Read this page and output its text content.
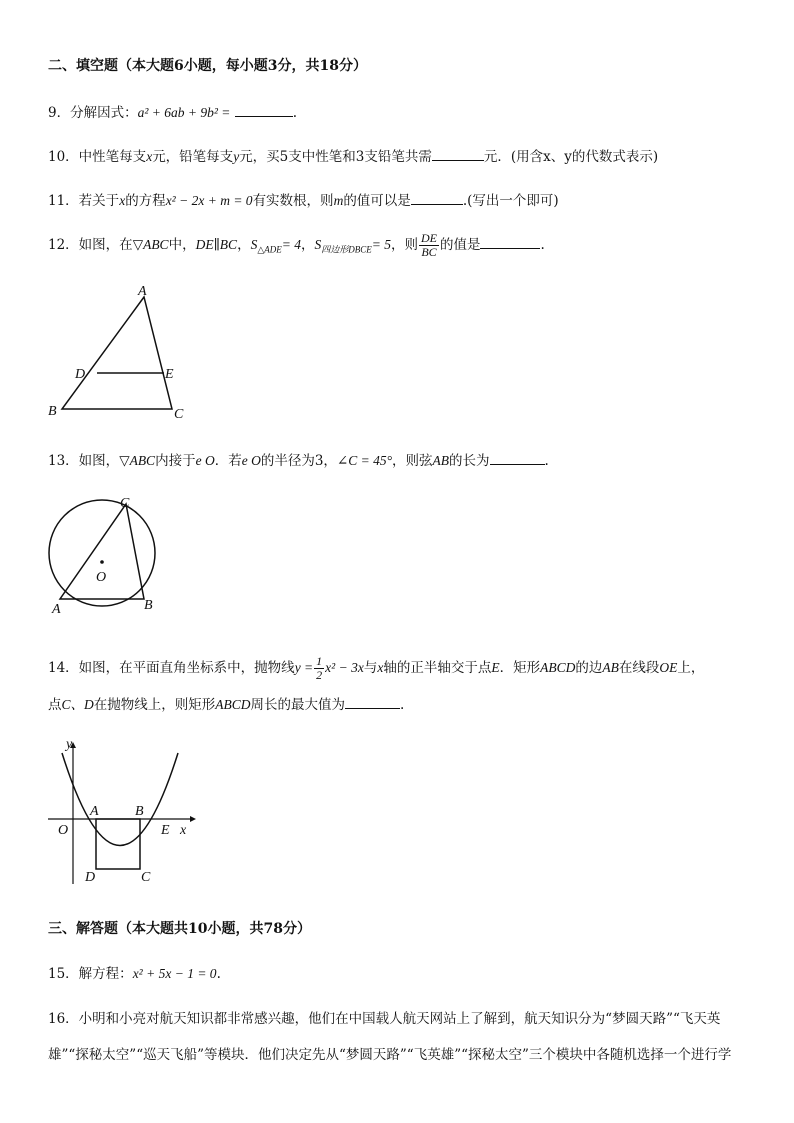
二、填空题（本大题6小题，每小题3分，共18分）
9．分解因式：a² + 6ab + 9b² =	.
10．中性笔每支x元，铅笔每支y元，买5支中性笔和3支铅笔共需	元．(用含x、y的代数式表示)
11．若关于x的方程x² − 2x + m = 0有实数根，则m的值可以是	.(写出一个即可)
12．如图，在▽ABC中，DE∥BC，$S_{\triangle ADE}= 4$，$S_{四边形DBCE}= 5$，则 $\frac{DE}{BC}$ 的值是	.
A
B	C
D	E
13．如图，▽ABC内接于e O．若e O的半径为3，∠C = 45°，则弦AB的长为	.
C
A	B
O
14．如图，在平面直角坐标系中，抛物线$y = \frac{1}{2} x^2 - 3x$与x轴的正半轴交于点E．矩形ABCD的边AB在线段OE上，
点C、D在抛物线上，则矩形ABCD周长的最大值为	.
y
x
O
A	B
E
D	C
三、解答题（本大题共10小题，共78分）
15．解方程：x² + 5x − 1 = 0.
16．小明和小亮对航天知识都非常感兴趣，他们在中国载人航天网站上了解到，航天知识分为“梦圆天路”“飞天英
雄”“探秘太空”“巡天飞船”等模块．他们决定先从“梦圆天路”“飞英雄”“探秘太空”三个模块中各随机选择一个进行学
